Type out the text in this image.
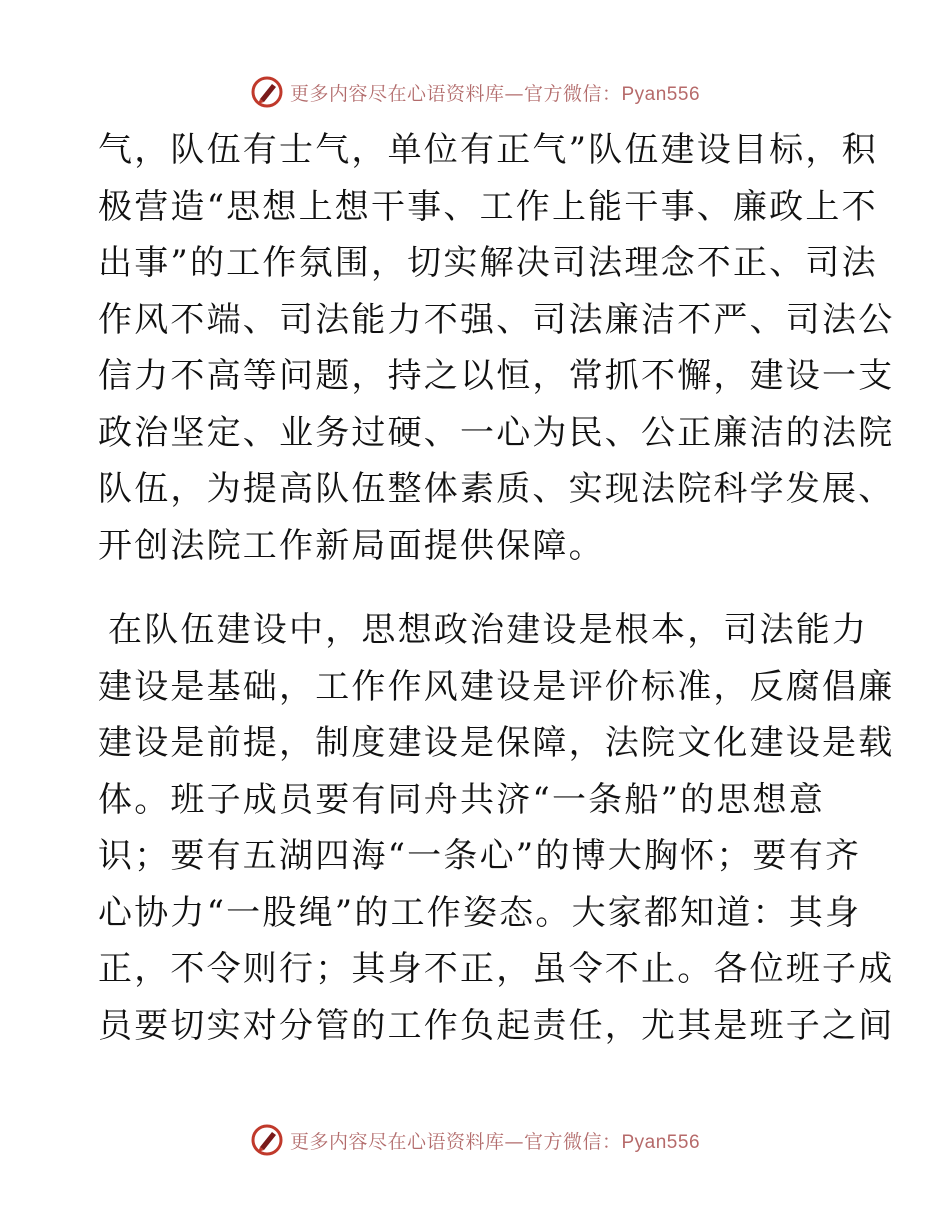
更多内容尽在心语资料库—官方微信：Pyan556
气，队伍有士气，单位有正气”队伍建设目标，积
极营造“思想上想干事、工作上能干事、廉政上不
出事”的工作氛围，切实解决司法理念不正、司法
作风不端、司法能力不强、司法廉洁不严、司法公
信力不高等问题，持之以恒，常抓不懈，建设一支
政治坚定、业务过硬、一心为民、公正廉洁的法院
队伍，为提高队伍整体素质、实现法院科学发展、
开创法院工作新局面提供保障。
在队伍建设中，思想政治建设是根本，司法能力
建设是基础，工作作风建设是评价标准，反腐倡廉
建设是前提，制度建设是保障，法院文化建设是载
体。班子成员要有同舟共济“一条船”的思想意
识；要有五湖四海“一条心”的博大胸怀；要有齐
心协力“一股绳”的工作姿态。大家都知道：其身
正，不令则行；其身不正，虽令不止。各位班子成
员要切实对分管的工作负起责任，尤其是班子之间
更多内容尽在心语资料库—官方微信：Pyan556
